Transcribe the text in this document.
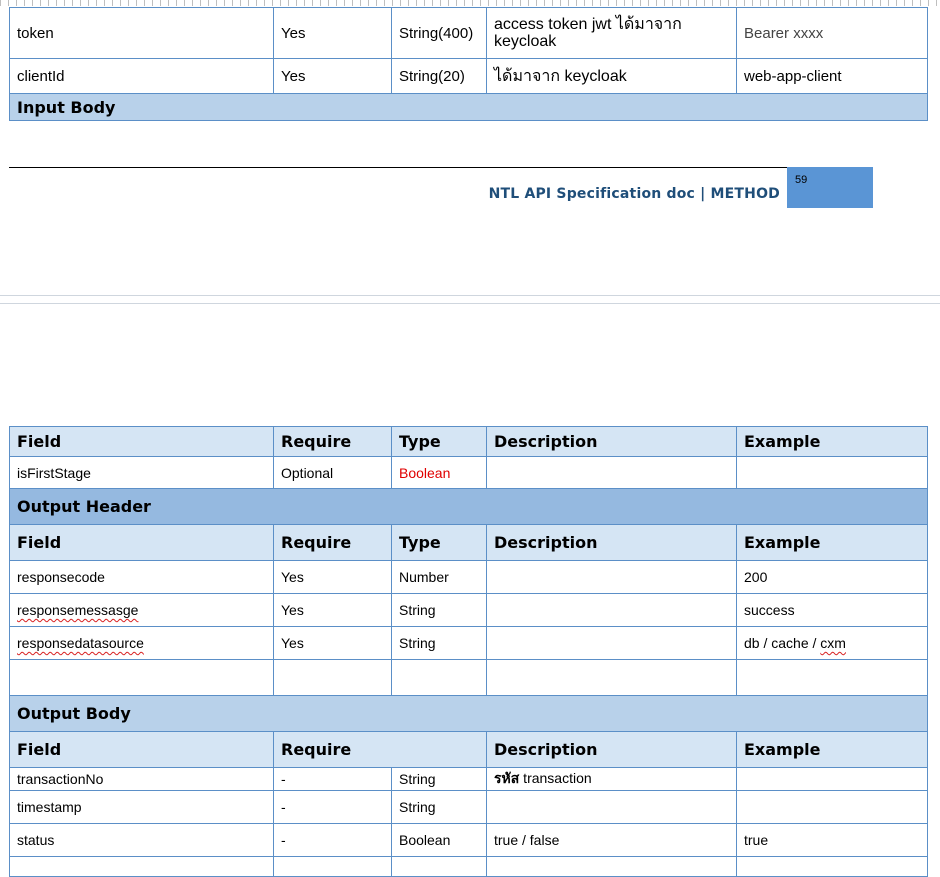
token	Yes	String(400)	access token jwt ได้มาจาก keycloak	Bearer xxxx
clientId	Yes	String(20)	ได้มาจาก keycloak	web-app-client
Input Body				
NTL API Specification doc | METHOD
59
Field	Require	Type	Description	Example
isFirstStage	Optional	Boolean		
Output Header				
Field	Require	Type	Description	Example
responsecode	Yes	Number		200
responsemessasge	Yes	String		success
responsedatasource	Yes	String		db / cache / cxm

Output Body				
Field	Require		Description	Example
transactionNo	-	String	รหัส transaction	
timestamp	-	String		
status	-	Boolean	true / false	true
